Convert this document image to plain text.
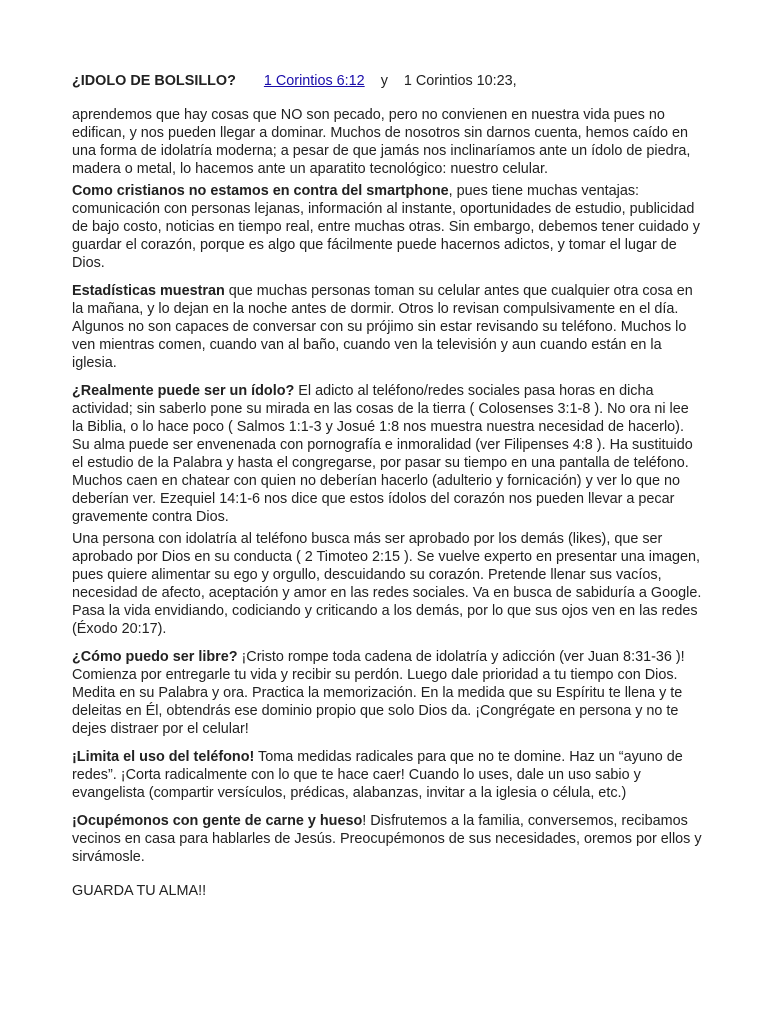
¿IDOLO DE BOLSILLO? 1 Corintios 6:12 y 1 Corintios 10:23,

aprendemos que hay cosas que NO son pecado, pero no convienen en nuestra vida pues no edifican, y nos pueden llegar a dominar. Muchos de nosotros sin darnos cuenta, hemos caído en una forma de idolatría moderna; a pesar de que jamás nos inclinaríamos ante un ídolo de piedra, madera o metal, lo hacemos ante un aparatito tecnológico: nuestro celular.

Como cristianos no estamos en contra del smartphone, pues tiene muchas ventajas: comunicación con personas lejanas, información al instante, oportunidades de estudio, publicidad de bajo costo, noticias en tiempo real, entre muchas otras. Sin embargo, debemos tener cuidado y guardar el corazón, porque es algo que fácilmente puede hacernos adictos, y tomar el lugar de Dios.

Estadísticas muestran que muchas personas toman su celular antes que cualquier otra cosa en la mañana, y lo dejan en la noche antes de dormir. Otros lo revisan compulsivamente en el día. Algunos no son capaces de conversar con su prójimo sin estar revisando su teléfono. Muchos lo ven mientras comen, cuando van al baño, cuando ven la televisión y aun cuando están en la iglesia.

¿Realmente puede ser un ídolo? El adicto al teléfono/redes sociales pasa horas en dicha actividad; sin saberlo pone su mirada en las cosas de la tierra ( Colosenses 3:1-8 ). No ora ni lee la Biblia, o lo hace poco ( Salmos 1:1-3 y Josué 1:8 nos muestra nuestra necesidad de hacerlo). Su alma puede ser envenenada con pornografía e inmoralidad (ver Filipenses 4:8 ). Ha sustituido el estudio de la Palabra y hasta el congregarse, por pasar su tiempo en una pantalla de teléfono. Muchos caen en chatear con quien no deberían hacerlo (adulterio y fornicación) y ver lo que no deberían ver. Ezequiel 14:1-6 nos dice que estos ídolos del corazón nos pueden llevar a pecar gravemente contra Dios.

Una persona con idolatría al teléfono busca más ser aprobado por los demás (likes), que ser aprobado por Dios en su conducta ( 2 Timoteo 2:15 ). Se vuelve experto en presentar una imagen, pues quiere alimentar su ego y orgullo, descuidando su corazón. Pretende llenar sus vacíos, necesidad de afecto, aceptación y amor en las redes sociales. Va en busca de sabiduría a Google. Pasa la vida envidiando, codiciando y criticando a los demás, por lo que sus ojos ven en las redes (Éxodo 20:17).

¿Cómo puedo ser libre? ¡Cristo rompe toda cadena de idolatría y adicción (ver Juan 8:31-36 )! Comienza por entregarle tu vida y recibir su perdón. Luego dale prioridad a tu tiempo con Dios. Medita en su Palabra y ora. Practica la memorización. En la medida que su Espíritu te llena y te deleitas en Él, obtendrás ese dominio propio que solo Dios da. ¡Congrégate en persona y no te dejes distraer por el celular!

¡Limita el uso del teléfono! Toma medidas radicales para que no te domine. Haz un “ayuno de redes”. ¡Corta radicalmente con lo que te hace caer! Cuando lo uses, dale un uso sabio y evangelista (compartir versículos, prédicas, alabanzas, invitar a la iglesia o célula, etc.)

¡Ocupémonos con gente de carne y hueso! Disfrutemos a la familia, conversemos, recibamos vecinos en casa para hablarles de Jesús. Preocupémonos de sus necesidades, oremos por ellos y sirvámosle.

GUARDA TU ALMA!!
